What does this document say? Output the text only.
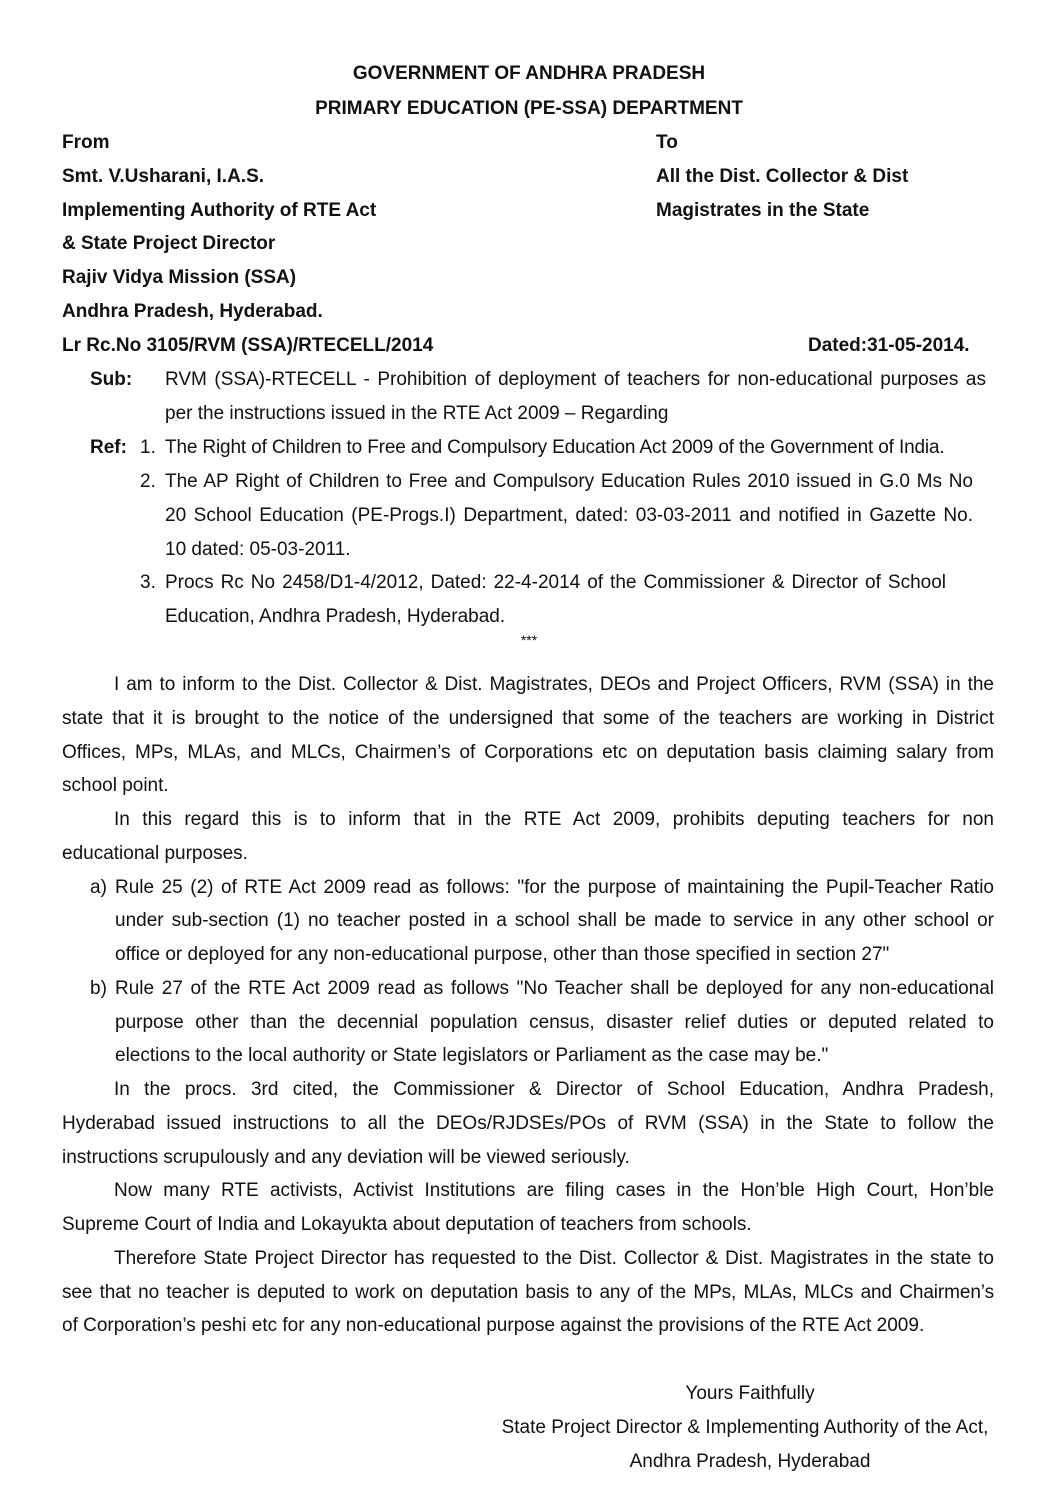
GOVERNMENT OF ANDHRA PRADESH
PRIMARY EDUCATION (PE-SSA) DEPARTMENT
From
Smt. V.Usharani, I.A.S.
Implementing Authority of RTE Act
& State Project Director
Rajiv Vidya Mission (SSA)
Andhra Pradesh, Hyderabad.
To
All the Dist. Collector & Dist
Magistrates in the State
Lr Rc.No 3105/RVM (SSA)/RTECELL/2014	Dated:31-05-2014.
Sub: RVM (SSA)-RTECELL - Prohibition of deployment of teachers for non-educational purposes as
per the instructions issued in the RTE Act 2009 – Regarding
Ref: 1. The Right of Children to Free and Compulsory Education Act 2009 of the Government of India.
2. The AP Right of Children to Free and Compulsory Education Rules 2010 issued in G.0 Ms No
20 School Education (PE-Progs.I) Department, dated: 03-03-2011 and notified in Gazette No.
10 dated: 05-03-2011.
3. Procs Rc No 2458/D1-4/2012, Dated: 22-4-2014 of the Commissioner & Director of School
Education, Andhra Pradesh, Hyderabad.
***
I am to inform to the Dist. Collector & Dist. Magistrates, DEOs and Project Officers, RVM (SSA) in the
state that it is brought to the notice of the undersigned that some of the teachers are working in District
Offices, MPs, MLAs, and MLCs, Chairmen’s of Corporations etc on deputation basis claiming salary from
school point.
In this regard this is to inform that in the RTE Act 2009, prohibits deputing teachers for non
educational purposes.
a) Rule 25 (2) of RTE Act 2009 read as follows: "for the purpose of maintaining the Pupil-Teacher Ratio
under sub-section (1) no teacher posted in a school shall be made to service in any other school or
office or deployed for any non-educational purpose, other than those specified in section 27"
b) Rule 27 of the RTE Act 2009 read as follows "No Teacher shall be deployed for any non-educational
purpose other than the decennial population census, disaster relief duties or deputed related to
elections to the local authority or State legislators or Parliament as the case may be."
In the procs. 3rd cited, the Commissioner & Director of School Education, Andhra Pradesh,
Hyderabad issued instructions to all the DEOs/RJDSEs/POs of RVM (SSA) in the State to follow the
instructions scrupulously and any deviation will be viewed seriously.
Now many RTE activists, Activist Institutions are filing cases in the Hon’ble High Court, Hon’ble
Supreme Court of India and Lokayukta about deputation of teachers from schools.
Therefore State Project Director has requested to the Dist. Collector & Dist. Magistrates in the state to
see that no teacher is deputed to work on deputation basis to any of the MPs, MLAs, MLCs and Chairmen’s
of Corporation’s peshi etc for any non-educational purpose against the provisions of the RTE Act 2009.
Yours Faithfully
State Project Director & Implementing Authority of the Act,
Andhra Pradesh, Hyderabad
